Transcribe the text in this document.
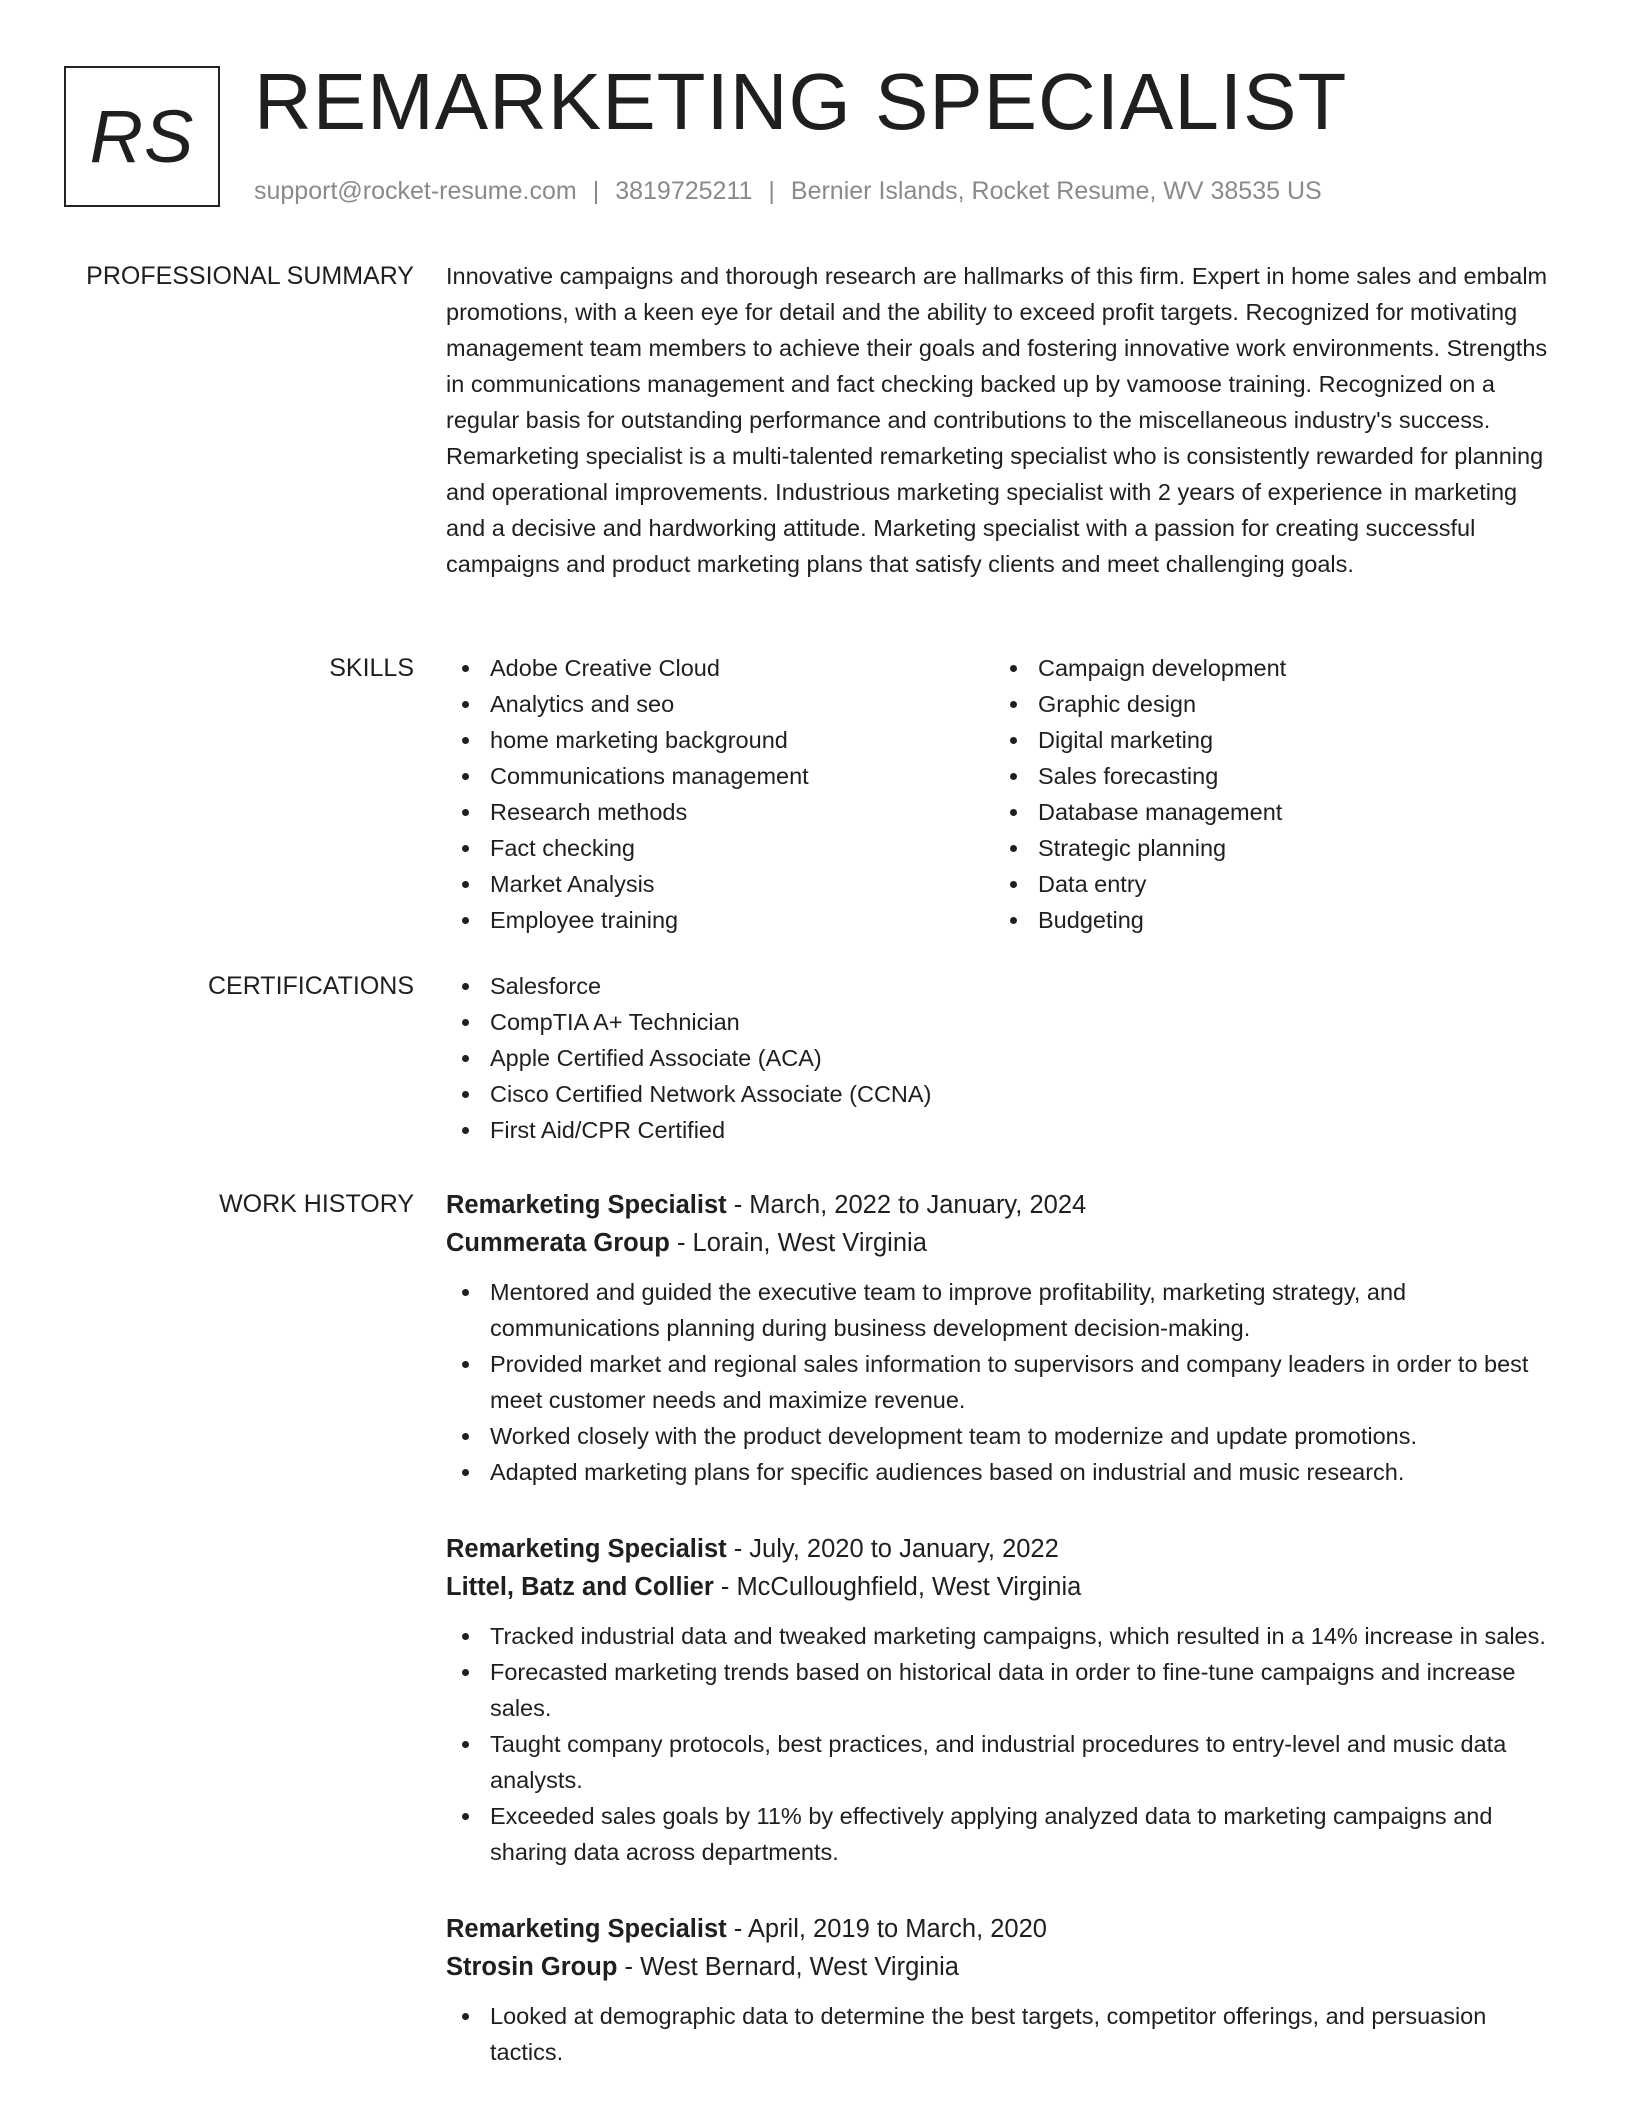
RS REMARKETING SPECIALIST
support@rocket-resume.com | 3819725211 | Bernier Islands, Rocket Resume, WV 38535 US
PROFESSIONAL SUMMARY Innovative campaigns and thorough research are hallmarks of this firm. Expert in home sales and embalm promotions, with a keen eye for detail and the ability to exceed profit targets. Recognized for motivating management team members to achieve their goals and fostering innovative work environments. Strengths in communications management and fact checking backed up by vamoose training. Recognized on a regular basis for outstanding performance and contributions to the miscellaneous industry's success. Remarketing specialist is a multi-talented remarketing specialist who is consistently rewarded for planning and operational improvements. Industrious marketing specialist with 2 years of experience in marketing and a decisive and hardworking attitude. Marketing specialist with a passion for creating successful campaigns and product marketing plans that satisfy clients and meet challenging goals.

SKILLS	Adobe Creative Cloud
Analytics and seo
home marketing background
Communications management
Research methods
Fact checking
Market Analysis
Employee training
Campaign development
Graphic design
Digital marketing
Sales forecasting
Database management
Strategic planning
Data entry
Budgeting
CERTIFICATIONS	Salesforce
CompTIA A+ Technician
Apple Certified Associate (ACA)
Cisco Certified Network Associate (CCNA)
First Aid/CPR Certified
WORK HISTORY Remarketing Specialist - March, 2022 to January, 2024
Cummerata Group - Lorain, West Virginia
Mentored and guided the executive team to improve profitability, marketing strategy, and communications planning during business development decision-making.
Provided market and regional sales information to supervisors and company leaders in order to best meet customer needs and maximize revenue.
Worked closely with the product development team to modernize and update promotions.
Adapted marketing plans for specific audiences based on industrial and music research.
Remarketing Specialist - July, 2020 to January, 2022
Littel, Batz and Collier - McCulloughfield, West Virginia
Tracked industrial data and tweaked marketing campaigns, which resulted in a 14% increase in sales.
Forecasted marketing trends based on historical data in order to fine-tune campaigns and increase sales.
Taught company protocols, best practices, and industrial procedures to entry-level and music data analysts.
Exceeded sales goals by 11% by effectively applying analyzed data to marketing campaigns and sharing data across departments.
Remarketing Specialist - April, 2019 to March, 2020
Strosin Group - West Bernard, West Virginia
Looked at demographic data to determine the best targets, competitor offerings, and persuasion tactics.
